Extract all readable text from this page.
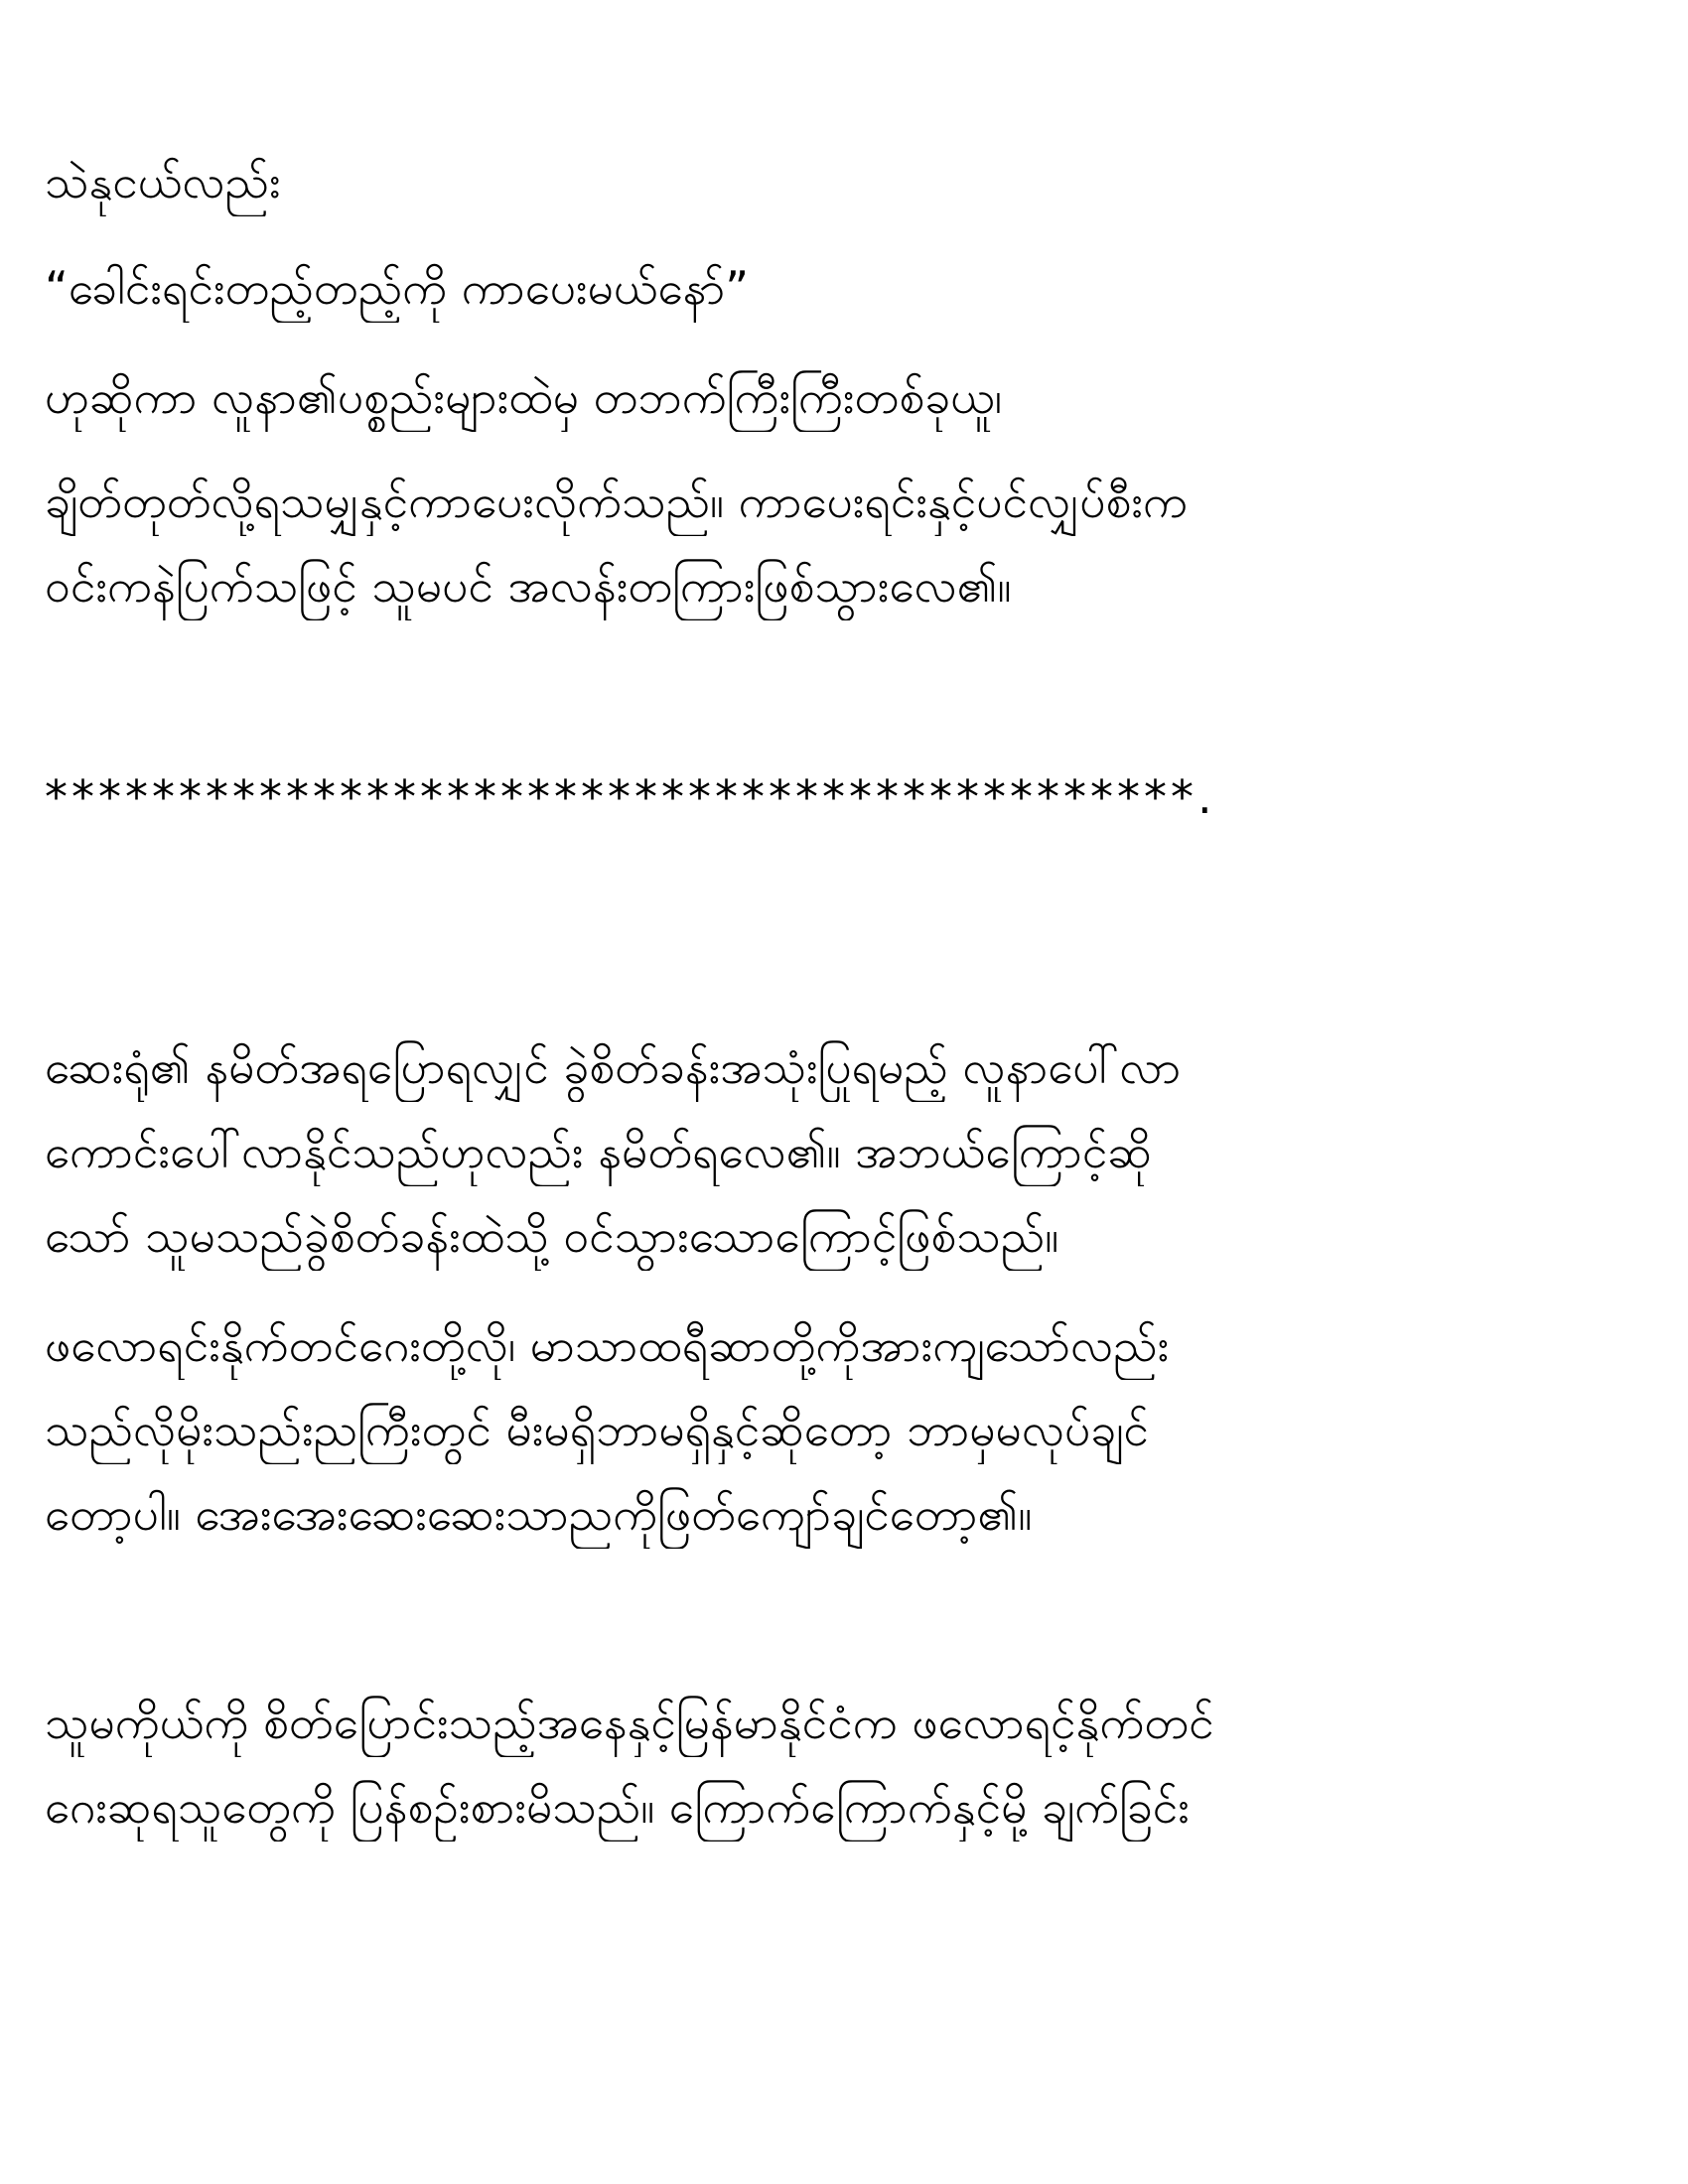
သဲနုငယ်လည်း

“ခေါင်းရင်းတည့်တည့်ကို ကာပေးမယ်နော်”

ဟုဆိုကာ လူနာ၏ပစ္စည်းများထဲမှ တဘက်ကြီးကြီးတစ်ခုယူ၊

ချိတ်တုတ်လို့ရသမျှနှင့်ကာပေးလိုက်သည်။ ကာပေးရင်းနှင့်ပင်လျှပ်စီးက

ဝင်းကနဲပြက်သဖြင့် သူမပင် အလန်းတကြားဖြစ်သွားလေ၏။

*******************************************.

ဆေးရုံ၏ နမိတ်အရပြောရလျှင် ခွဲစိတ်ခန်းအသုံးပြုရမည့် လူနာပေါ်လာ

ကောင်းပေါ်လာနိုင်သည်ဟုလည်း နမိတ်ရလေ၏။ အဘယ်ကြောင့်ဆို

သော် သူမသည်ခွဲစိတ်ခန်းထဲသို့ ဝင်သွားသောကြောင့်ဖြစ်သည်။

ဖလောရင်းနိုက်တင်ဂေးတို့လို၊ မာသာထရီဆာတို့ကိုအားကျသော်လည်း

သည်လိုမိုးသည်းညကြီးတွင် မီးမရှိဘာမရှိနှင့်ဆိုတော့ ဘာမှမလုပ်ချင်

တော့ပါ။ အေးအေးဆေးဆေးသာညကိုဖြတ်ကျော်ချင်တော့၏။

သူမကိုယ်ကို စိတ်ပြောင်းသည့်အနေနှင့်မြန်မာနိုင်ငံက ဖလောရင့်နိုက်တင်

ဂေးဆုရသူတွေကို ပြန်စဉ်းစားမိသည်။ ကြောက်ကြောက်နှင့်မို့ ချက်ခြင်း
